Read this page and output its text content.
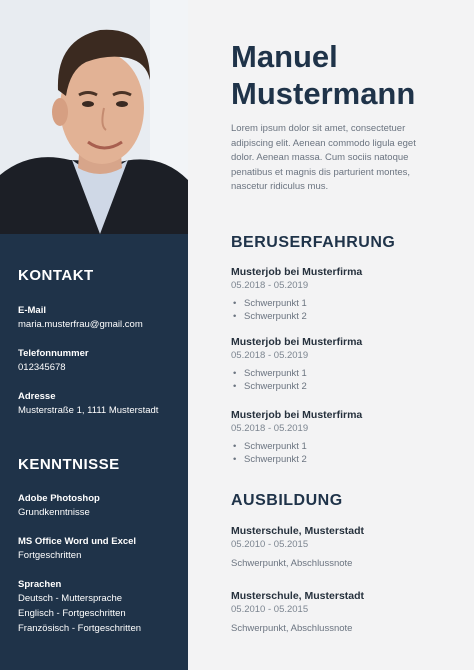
KONTAKT
E-Mail
maria.musterfrau@gmail.com
Telefonnummer
012345678
Adresse
Musterstraße 1, 1111 Musterstadt
KENNTNISSE
Adobe Photoshop
Grundkenntnisse
MS Office Word und Excel
Fortgeschritten
Sprachen
Deutsch - Muttersprache
Englisch - Fortgeschritten
Französisch - Fortgeschritten
Manuel
Mustermann
Lorem ipsum dolor sit amet, consectetuer adipiscing elit. Aenean commodo ligula eget dolor. Aenean massa. Cum sociis natoque penatibus et magnis dis parturient montes, nascetur ridiculus mus.
BERUSERFAHRUNG
Musterjob bei Musterfirma
05.2018 - 05.2019
• Schwerpunkt 1
• Schwerpunkt 2
Musterjob bei Musterfirma
05.2018 - 05.2019
• Schwerpunkt 1
• Schwerpunkt 2
Musterjob bei Musterfirma
05.2018 - 05.2019
• Schwerpunkt 1
• Schwerpunkt 2
AUSBILDUNG
Musterschule, Musterstadt
05.2010 - 05.2015
Schwerpunkt, Abschlussnote
Musterschule, Musterstadt
05.2010 - 05.2015
Schwerpunkt, Abschlussnote
